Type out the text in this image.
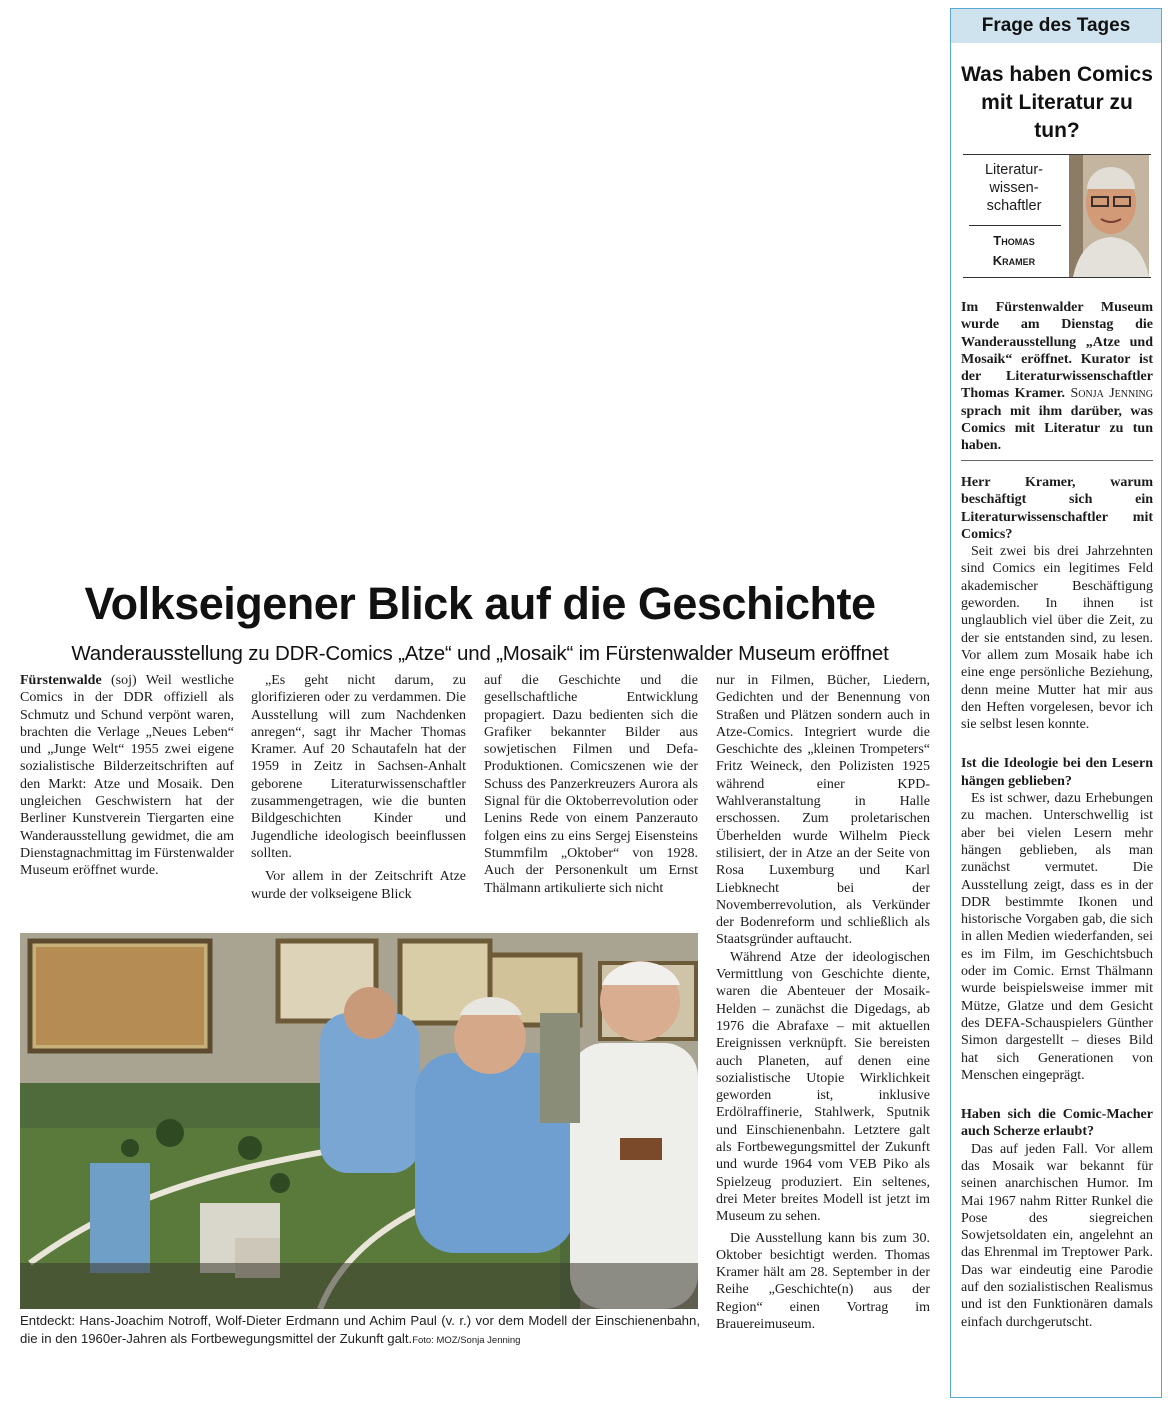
Volkseigener Blick auf die Geschichte
Wanderausstellung zu DDR-Comics „Atze“ und „Mosaik“ im Fürstenwalder Museum eröffnet

Fürstenwalde (soj) Weil westliche Comics in der DDR offiziell als Schmutz und Schund verpönt waren, brachten die Verlage „Neues Leben“ und „Junge Welt“ 1955 zwei eigene sozialistische Bilderzeitschriften auf den Markt: Atze und Mosaik. Den ungleichen Geschwistern hat der Berliner Kunstverein Tiergarten eine Wanderausstellung gewidmet, die am Dienstagnachmittag im Fürstenwalder Museum eröffnet wurde.

„Es geht nicht darum, zu glorifizieren oder zu verdammen. Die Ausstellung will zum Nachdenken anregen“, sagt ihr Macher Thomas Kramer. Auf 20 Schautafeln hat der 1959 in Zeitz in Sachsen-Anhalt geborene Literaturwissenschaftler zusammengetragen, wie die bunten Bildgeschichten Kinder und Jugendliche ideologisch beeinflussen sollten.

Vor allem in der Zeitschrift Atze wurde der volkseigene Blick

auf die Geschichte und die gesellschaftliche Entwicklung propagiert. Dazu bedienten sich die Grafiker bekannter Bilder aus sowjetischen Filmen und Defa-Produktionen. Comicszenen wie der Schuss des Panzerkreuzers Aurora als Signal für die Oktoberrevolution oder Lenins Rede von einem Panzerauto folgen eins zu eins Sergej Eisensteins Stummfilm „Oktober“ von 1928. Auch der Personenkult um Ernst Thälmann artikulierte sich nicht

nur in Filmen, Bücher, Liedern, Gedichten und der Benennung von Straßen und Plätzen sondern auch in Atze-Comics. Integriert wurde die Geschichte des „kleinen Trompeters“ Fritz Weineck, den Polizisten 1925 während einer KPD-Wahlveranstaltung in Halle erschossen. Zum proletarischen Überhelden wurde Wilhelm Pieck stilisiert, der in Atze an der Seite von Rosa Luxemburg und Karl Liebknecht bei der Novemberrevolution, als Verkünder der Bodenreform und schließlich als Staatsgründer auftaucht.

Während Atze der ideologischen Vermittlung von Geschichte diente, waren die Abenteuer der Mosaik-Helden – zunächst die Digedags, ab 1976 die Abrafaxe – mit aktuellen Ereignissen verknüpft. Sie bereisten auch Planeten, auf denen eine sozialistische Utopie Wirklichkeit geworden ist, inklusive Erdölraffinerie, Stahlwerk, Sputnik und Einschienenbahn. Letztere galt als Fortbewegungsmittel der Zukunft und wurde 1964 vom VEB Piko als Spielzeug produziert. Ein seltenes, drei Meter breites Modell ist jetzt im Museum zu sehen.

Die Ausstellung kann bis zum 30. Oktober besichtigt werden. Thomas Kramer hält am 28. September in der Reihe „Geschichte(n) aus der Region“ einen Vortrag im Brauereimuseum.

Entdeckt: Hans-Joachim Notroff, Wolf-Dieter Erdmann und Achim Paul (v. r.) vor dem Modell der Einschienenbahn, die in den 1960er-Jahren als Fortbewegungsmittel der Zukunft galt.Foto: MOZ/Sonja Jenning
Frage des Tages
Was haben Comics mit Literatur zu tun?
Literatur-
wissen-
schaftler
Thomas
Kramer
Im Fürstenwalder Museum wurde am Dienstag die Wanderausstellung „Atze und Mosaik“ eröffnet. Kurator ist der Literaturwissenschaftler Thomas Kramer. Sonja Jenning sprach mit ihm darüber, was Comics mit Literatur zu tun haben.

Herr Kramer, warum beschäftigt sich ein Literaturwissenschaftler mit Comics?

Seit zwei bis drei Jahrzehnten sind Comics ein legitimes Feld akademischer Beschäftigung geworden. In ihnen ist unglaublich viel über die Zeit, zu der sie entstanden sind, zu lesen. Vor allem zum Mosaik habe ich eine enge persönliche Beziehung, denn meine Mutter hat mir aus den Heften vorgelesen, bevor ich sie selbst lesen konnte.

Ist die Ideologie bei den Lesern hängen geblieben?

Es ist schwer, dazu Erhebungen zu machen. Unterschwellig ist aber bei vielen Lesern mehr hängen geblieben, als man zunächst vermutet. Die Ausstellung zeigt, dass es in der DDR bestimmte Ikonen und historische Vorgaben gab, die sich in allen Medien wiederfanden, sei es im Film, im Geschichtsbuch oder im Comic. Ernst Thälmann wurde beispielsweise immer mit Mütze, Glatze und dem Gesicht des DEFA-Schauspielers Günther Simon dargestellt – dieses Bild hat sich Generationen von Menschen eingeprägt.

Haben sich die Comic-Macher auch Scherze erlaubt?

Das auf jeden Fall. Vor allem das Mosaik war bekannt für seinen anarchischen Humor. Im Mai 1967 nahm Ritter Runkel die Pose des siegreichen Sowjetsoldaten ein, angelehnt an das Ehrenmal im Treptower Park. Das war eindeutig eine Parodie auf den sozialistischen Realismus und ist den Funktionären damals einfach durchgerutscht.
